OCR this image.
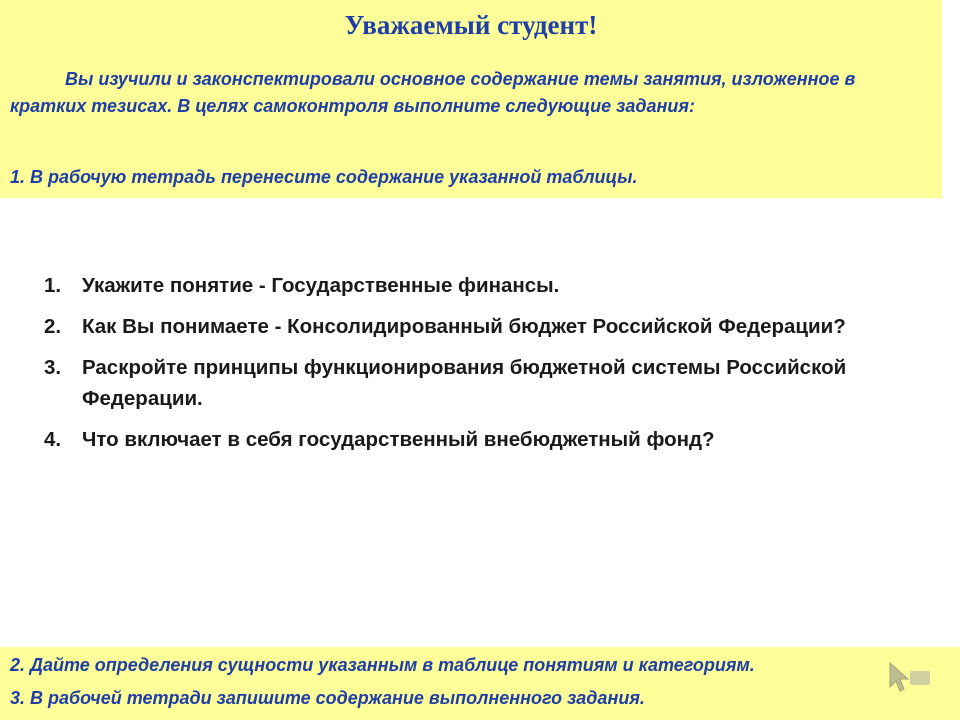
Уважаемый студент!
Вы изучили и законспектировали основное содержание темы занятия, изложенное в кратких тезисах. В целях самоконтроля выполните следующие задания:
1. В рабочую тетрадь перенесите содержание указанной таблицы.
1. Укажите понятие - Государственные финансы.
2. Как Вы понимаете - Консолидированный бюджет Российской Федерации?
3. Раскройте принципы функционирования бюджетной системы Российской Федерации.
4. Что включает в себя государственный внебюджетный фонд?
2. Дайте определения сущности указанным в таблице понятиям и категориям.
3. В рабочей тетради запишите содержание выполненного задания.
